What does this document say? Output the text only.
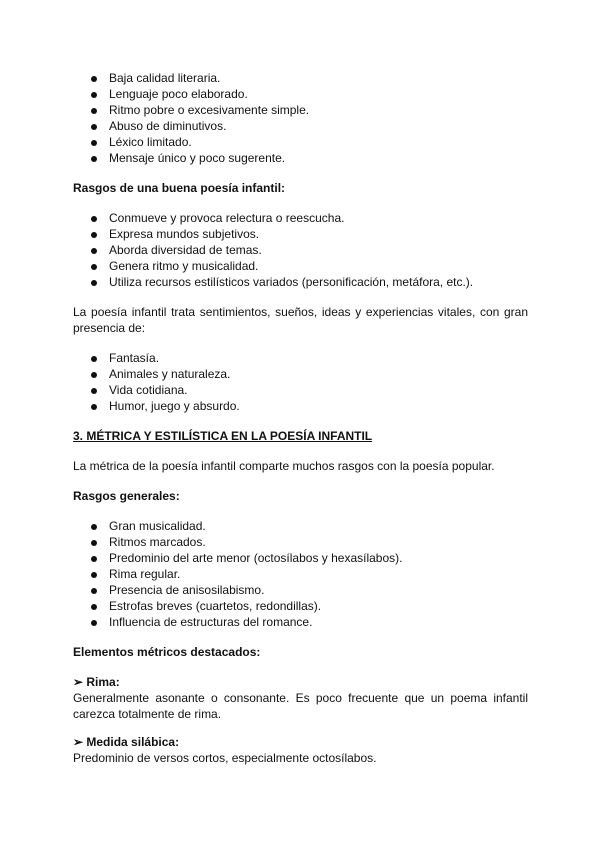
Baja calidad literaria.
Lenguaje poco elaborado.
Ritmo pobre o excesivamente simple.
Abuso de diminutivos.
Léxico limitado.
Mensaje único y poco sugerente.
Rasgos de una buena poesía infantil:
Conmueve y provoca relectura o reescucha.
Expresa mundos subjetivos.
Aborda diversidad de temas.
Genera ritmo y musicalidad.
Utiliza recursos estilísticos variados (personificación, metáfora, etc.).
La poesía infantil trata sentimientos, sueños, ideas y experiencias vitales, con gran presencia de:
Fantasía.
Animales y naturaleza.
Vida cotidiana.
Humor, juego y absurdo.
3. MÉTRICA Y ESTILÍSTICA EN LA POESÍA INFANTIL
La métrica de la poesía infantil comparte muchos rasgos con la poesía popular.
Rasgos generales:
Gran musicalidad.
Ritmos marcados.
Predominio del arte menor (octosílabos y hexasílabos).
Rima regular.
Presencia de anisosilabismo.
Estrofas breves (cuartetos, redondillas).
Influencia de estructuras del romance.
Elementos métricos destacados:
➢ Rima:
Generalmente asonante o consonante. Es poco frecuente que un poema infantil carezca totalmente de rima.
➢ Medida silábica:
Predominio de versos cortos, especialmente octosílabos.
